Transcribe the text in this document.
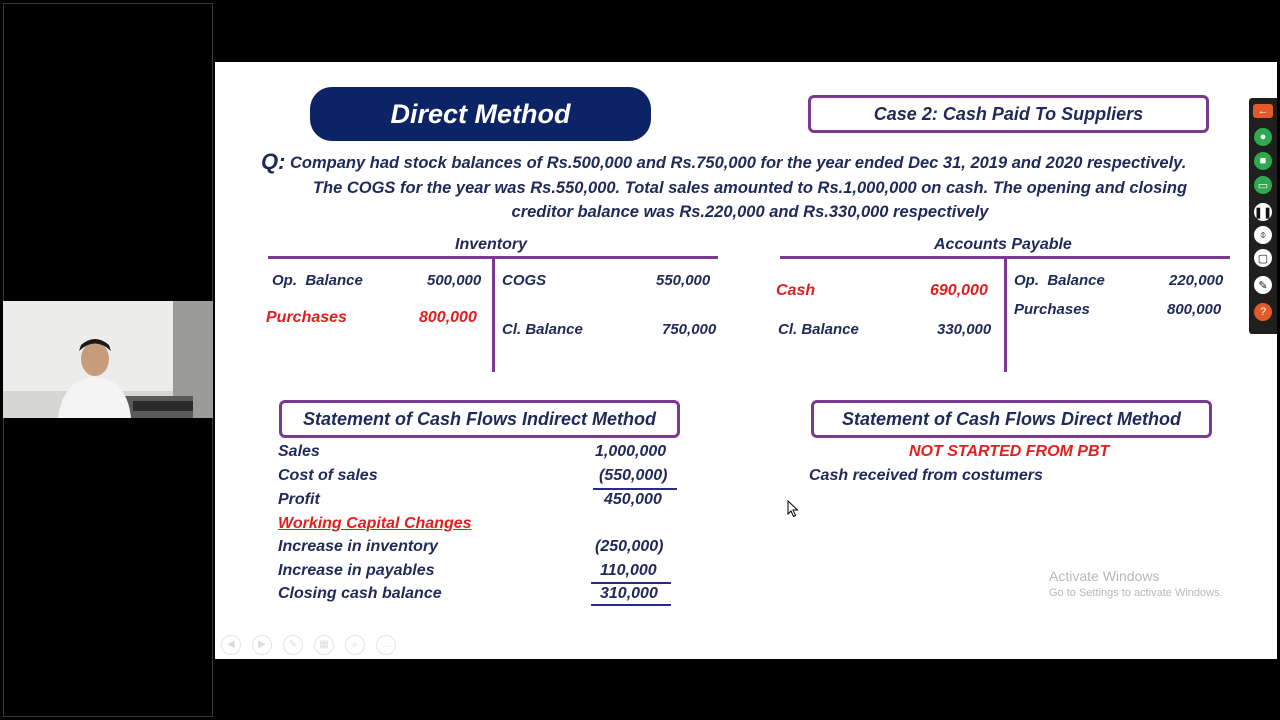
Direct Method	Case 2: Cash Paid To Suppliers
Q: Company had stock balances of Rs.500,000 and Rs.750,000 for the year ended Dec 31, 2019 and 2020 respectively.
The COGS for the year was Rs.550,000. Total sales amounted to Rs.1,000,000 on cash. The opening and closing
creditor balance was Rs.220,000 and Rs.330,000 respectively
Inventory
Op.  Balance	500,000
Purchases	800,000
COGS	550,000
Cl. Balance	750,000
Accounts Payable
Cash	690,000
Cl. Balance	330,000
Op.  Balance	220,000
Purchases	800,000
Statement of Cash Flows Indirect Method
Sales	1,000,000
Cost of sales	(550,000)
Profit	450,000
Working Capital Changes
Increase in inventory	(250,000)
Increase in payables	110,000
Closing cash balance	310,000
Statement of Cash Flows Direct Method
NOT STARTED FROM PBT
Cash received from costumers
Activate Windows
Go to Settings to activate Windows.
◀ ▶ ✎ ▦ ⌕ …
←
●
■
▭
❚❚
⌽
▢
✎
?
